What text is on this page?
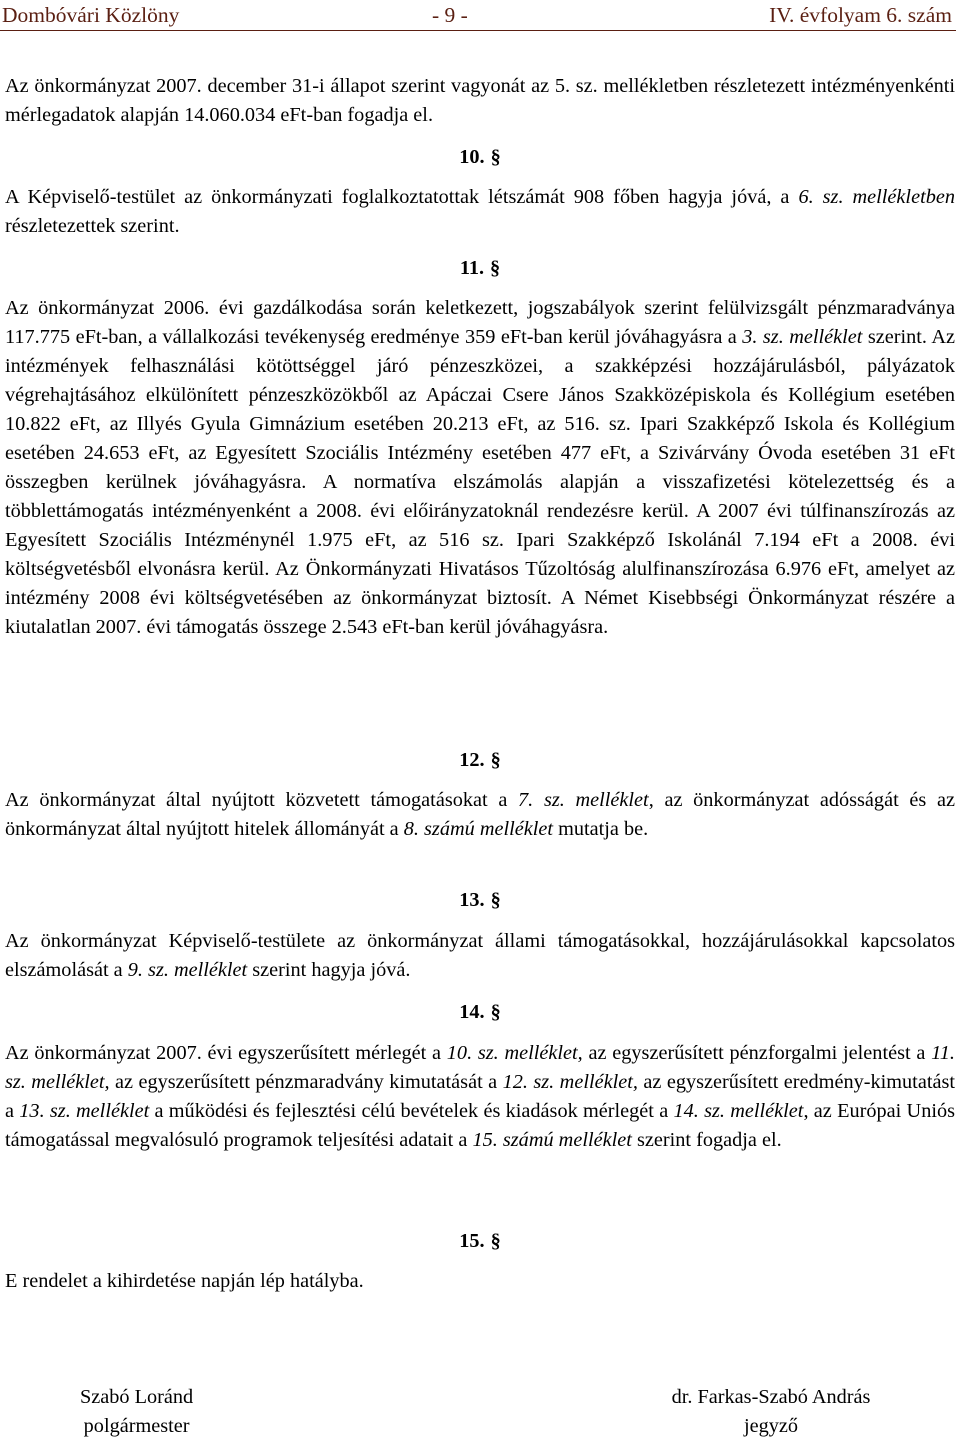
Dombóvári Közlöny	- 9 -	IV. évfolyam 6. szám

Az önkormányzat 2007. december 31-i állapot szerint vagyonát az 5. sz. mellékletben részletezett intézményenkénti mérlegadatok alapján 14.060.034 eFt-ban fogadja el.

10. §

A Képviselő-testület az önkormányzati foglalkoztatottak létszámát 908 főben hagyja jóvá, a 6. sz. mellékletben részletezettek szerint.

11. §

Az önkormányzat 2006. évi gazdálkodása során keletkezett, jogszabályok szerint felülvizsgált pénzmaradványa 117.775 eFt-ban, a vállalkozási tevékenység eredménye 359 eFt-ban kerül jóváhagyásra a 3. sz. melléklet szerint. Az intézmények felhasználási kötöttséggel járó pénzeszközei, a szakképzési hozzájárulásból, pályázatok végrehajtásához elkülönített pénzeszközökből az Apáczai Csere János Szakközépiskola és Kollégium esetében 10.822 eFt, az Illyés Gyula Gimnázium esetében 20.213 eFt, az 516. sz. Ipari Szakképző Iskola és Kollégium esetében 24.653 eFt, az Egyesített Szociális Intézmény esetében 477 eFt, a Szivárvány Óvoda esetében 31 eFt összegben kerülnek jóváhagyásra. A normatíva elszámolás alapján a visszafizetési kötelezettség és a többlettámogatás intézményenként a 2008. évi előirányzatoknál rendezésre kerül. A 2007 évi túlfinanszírozás az Egyesített Szociális Intézménynél 1.975 eFt, az 516 sz. Ipari Szakképző Iskolánál 7.194 eFt a 2008. évi költségvetésből elvonásra kerül. Az Önkormányzati Hivatásos Tűzoltóság alulfinanszírozása 6.976 eFt, amelyet az intézmény 2008 évi költségvetésében az önkormányzat biztosít. A Német Kisebbségi Önkormányzat részére a kiutalatlan 2007. évi támogatás összege 2.543 eFt-ban kerül jóváhagyásra.

12. §

Az önkormányzat által nyújtott közvetett támogatásokat a 7. sz. melléklet, az önkormányzat adósságát és az önkormányzat által nyújtott hitelek állományát a 8. számú melléklet mutatja be.

13. §

Az önkormányzat Képviselő-testülete az önkormányzat állami támogatásokkal, hozzájárulásokkal kapcsolatos elszámolását a 9. sz. melléklet szerint hagyja jóvá.

14. §

Az önkormányzat 2007. évi egyszerűsített mérlegét a 10. sz. melléklet, az egyszerűsített pénzforgalmi jelentést a 11. sz. melléklet, az egyszerűsített pénzmaradvány kimutatását a 12. sz. melléklet, az egyszerűsített eredmény-kimutatást a 13. sz. melléklet a működési és fejlesztési célú bevételek és kiadások mérlegét a 14. sz. melléklet, az Európai Uniós támogatással megvalósuló programok teljesítési adatait a 15. számú melléklet szerint fogadja el.

15. §

E rendelet a kihirdetése napján lép hatályba.

Szabó Loránd
polgármester
dr. Farkas-Szabó András
jegyző
